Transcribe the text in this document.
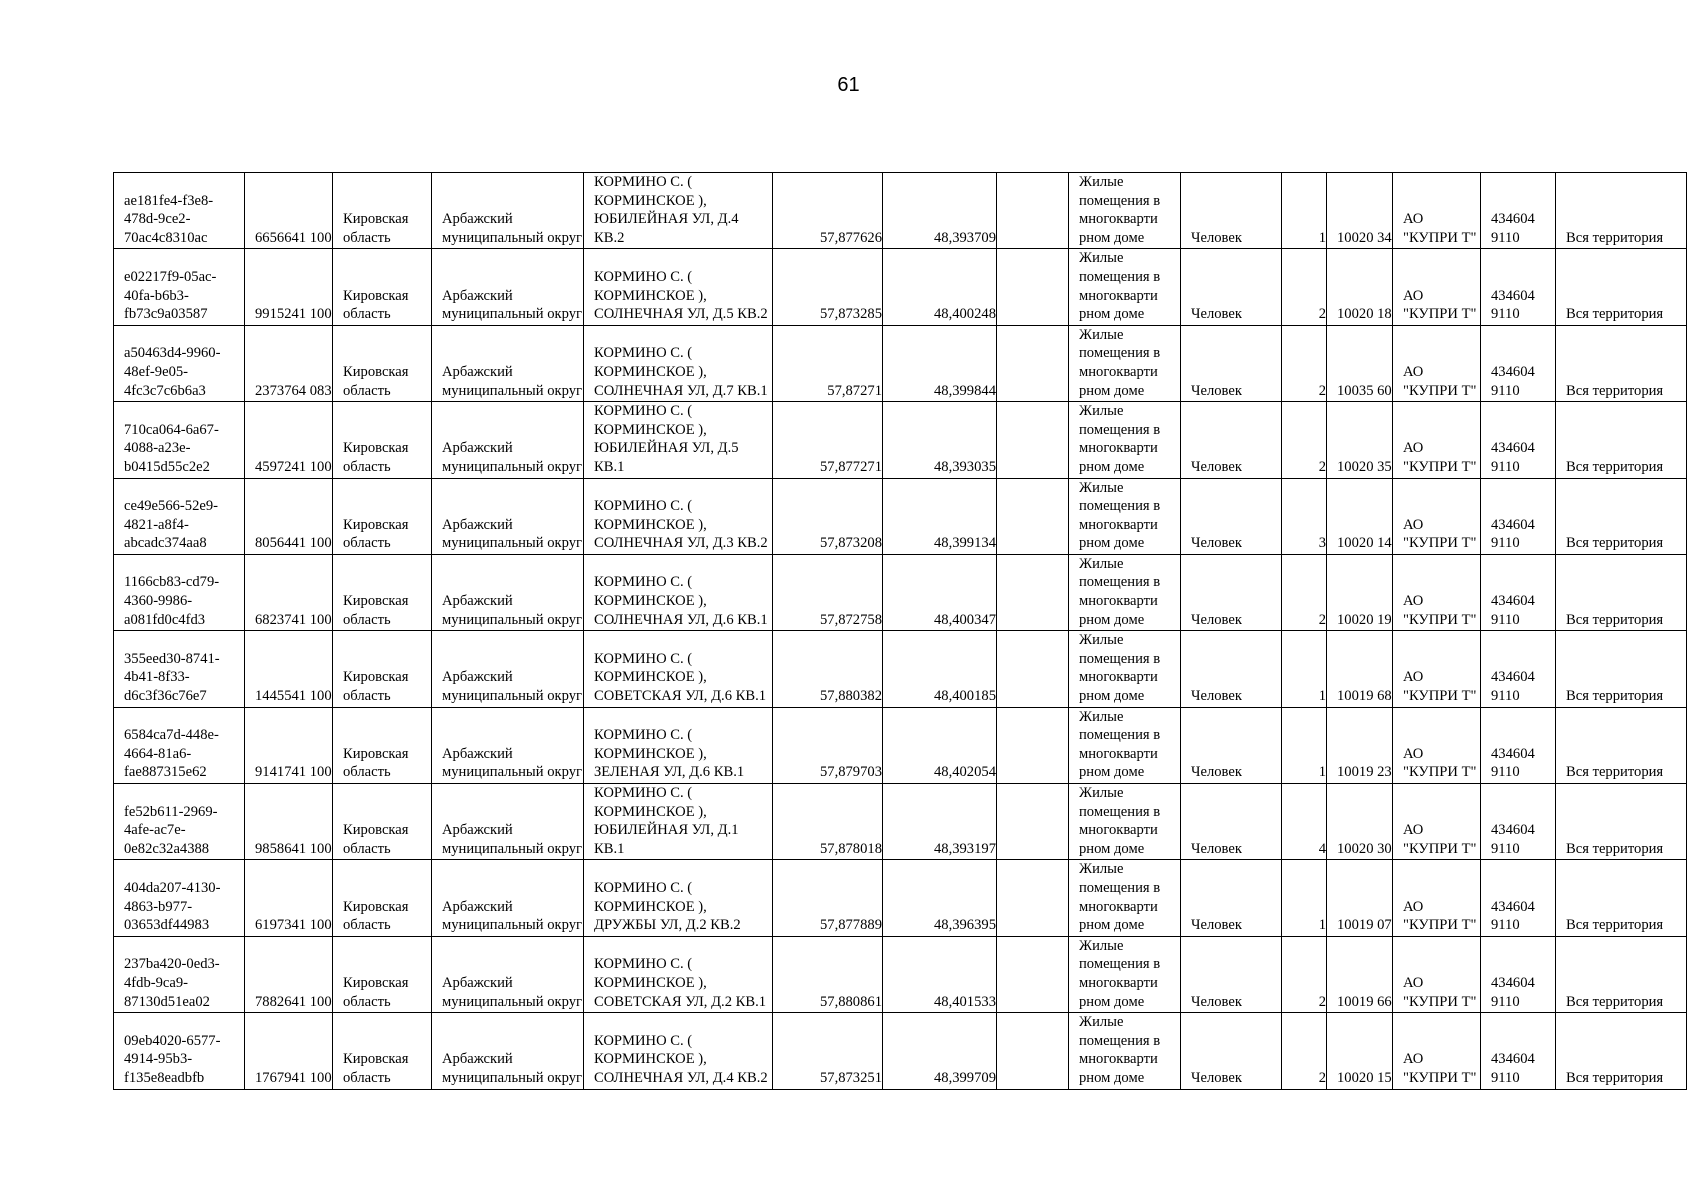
61
ae181fe4-f3e8-478d-9ce2-70ac4c8310ac	6656641 100	Кировская область	Арбажский муниципальный округ	КОРМИНО С. ( КОРМИНСКОЕ ), ЮБИЛЕЙНАЯ УЛ, Д.4 КВ.2	57,877626	48,393709		Жилые помещения в многокварти рном доме	Человек	1	10020 34	АО "КУПРИ Т"	434604 9110	Вся территория
e02217f9-05ac-40fa-b6b3-fb73c9a03587	9915241 100	Кировская область	Арбажский муниципальный округ	КОРМИНО С. ( КОРМИНСКОЕ ), СОЛНЕЧНАЯ УЛ, Д.5 КВ.2	57,873285	48,400248		Жилые помещения в многокварти рном доме	Человек	2	10020 18	АО "КУПРИ Т"	434604 9110	Вся территория
a50463d4-9960-48ef-9e05-4fc3c7c6b6a3	2373764 083	Кировская область	Арбажский муниципальный округ	КОРМИНО С. ( КОРМИНСКОЕ ), СОЛНЕЧНАЯ УЛ, Д.7 КВ.1	57,87271	48,399844		Жилые помещения в многокварти рном доме	Человек	2	10035 60	АО "КУПРИ Т"	434604 9110	Вся территория
710ca064-6a67-4088-a23e-b0415d55c2e2	4597241 100	Кировская область	Арбажский муниципальный округ	КОРМИНО С. ( КОРМИНСКОЕ ), ЮБИЛЕЙНАЯ УЛ, Д.5 КВ.1	57,877271	48,393035		Жилые помещения в многокварти рном доме	Человек	2	10020 35	АО "КУПРИ Т"	434604 9110	Вся территория
ce49e566-52e9-4821-a8f4-abcadc374aa8	8056441 100	Кировская область	Арбажский муниципальный округ	КОРМИНО С. ( КОРМИНСКОЕ ), СОЛНЕЧНАЯ УЛ, Д.3 КВ.2	57,873208	48,399134		Жилые помещения в многокварти рном доме	Человек	3	10020 14	АО "КУПРИ Т"	434604 9110	Вся территория
1166cb83-cd79-4360-9986-a081fd0c4fd3	6823741 100	Кировская область	Арбажский муниципальный округ	КОРМИНО С. ( КОРМИНСКОЕ ), СОЛНЕЧНАЯ УЛ, Д.6 КВ.1	57,872758	48,400347		Жилые помещения в многокварти рном доме	Человек	2	10020 19	АО "КУПРИ Т"	434604 9110	Вся территория
355eed30-8741-4b41-8f33-d6c3f36c76e7	1445541 100	Кировская область	Арбажский муниципальный округ	КОРМИНО С. ( КОРМИНСКОЕ ), СОВЕТСКАЯ УЛ, Д.6 КВ.1	57,880382	48,400185		Жилые помещения в многокварти рном доме	Человек	1	10019 68	АО "КУПРИ Т"	434604 9110	Вся территория
6584ca7d-448e-4664-81a6-fae887315e62	9141741 100	Кировская область	Арбажский муниципальный округ	КОРМИНО С. ( КОРМИНСКОЕ ), ЗЕЛЕНАЯ УЛ, Д.6 КВ.1	57,879703	48,402054		Жилые помещения в многокварти рном доме	Человек	1	10019 23	АО "КУПРИ Т"	434604 9110	Вся территория
fe52b611-2969-4afe-ac7e-0e82c32a4388	9858641 100	Кировская область	Арбажский муниципальный округ	КОРМИНО С. ( КОРМИНСКОЕ ), ЮБИЛЕЙНАЯ УЛ, Д.1 КВ.1	57,878018	48,393197		Жилые помещения в многокварти рном доме	Человек	4	10020 30	АО "КУПРИ Т"	434604 9110	Вся территория
404da207-4130-4863-b977-03653df44983	6197341 100	Кировская область	Арбажский муниципальный округ	КОРМИНО С. ( КОРМИНСКОЕ ), ДРУЖБЫ УЛ, Д.2 КВ.2	57,877889	48,396395		Жилые помещения в многокварти рном доме	Человек	1	10019 07	АО "КУПРИ Т"	434604 9110	Вся территория
237ba420-0ed3-4fdb-9ca9-87130d51ea02	7882641 100	Кировская область	Арбажский муниципальный округ	КОРМИНО С. ( КОРМИНСКОЕ ), СОВЕТСКАЯ УЛ, Д.2 КВ.1	57,880861	48,401533		Жилые помещения в многокварти рном доме	Человек	2	10019 66	АО "КУПРИ Т"	434604 9110	Вся территория
09eb4020-6577-4914-95b3-f135e8eadbfb	1767941 100	Кировская область	Арбажский муниципальный округ	КОРМИНО С. ( КОРМИНСКОЕ ), СОЛНЕЧНАЯ УЛ, Д.4 КВ.2	57,873251	48,399709		Жилые помещения в многокварти рном доме	Человек	2	10020 15	АО "КУПРИ Т"	434604 9110	Вся территория
